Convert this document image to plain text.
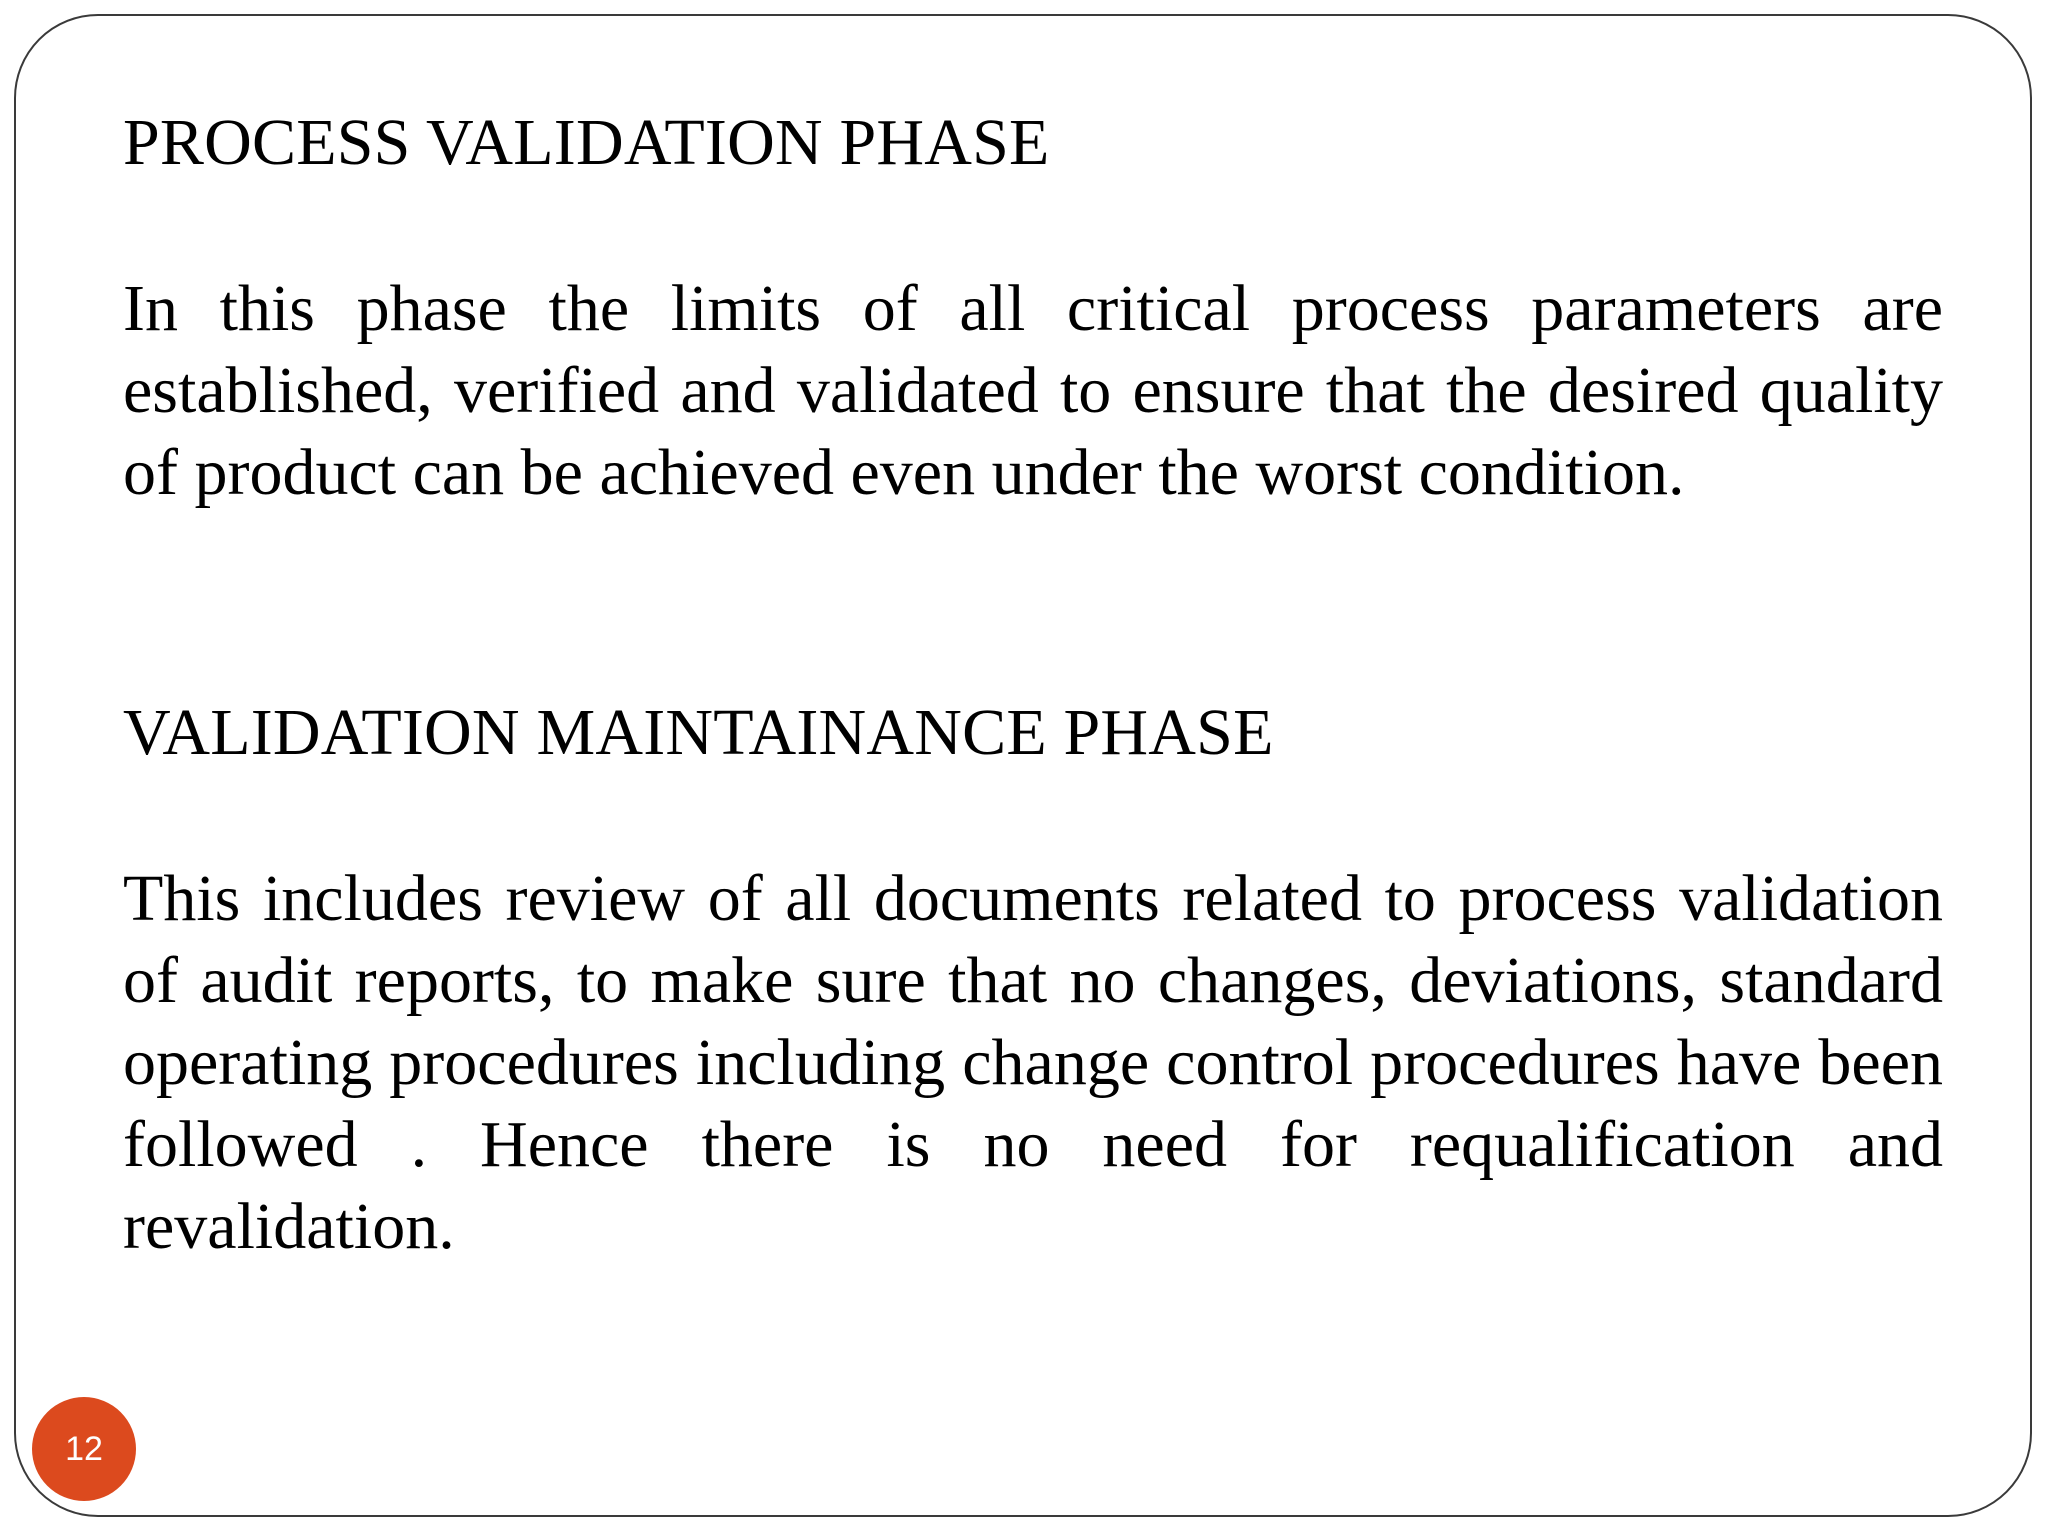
PROCESS VALIDATION PHASE

In this phase the limits of all critical process parameters are established, verified and validated to ensure that the desired quality of product can be achieved even under the worst condition.

VALIDATION MAINTAINANCE PHASE

This includes review of all documents related to process validation of audit reports, to make sure that no changes, deviations, standard operating procedures including change control procedures have been followed . Hence there is no need for requalification and revalidation.

12
